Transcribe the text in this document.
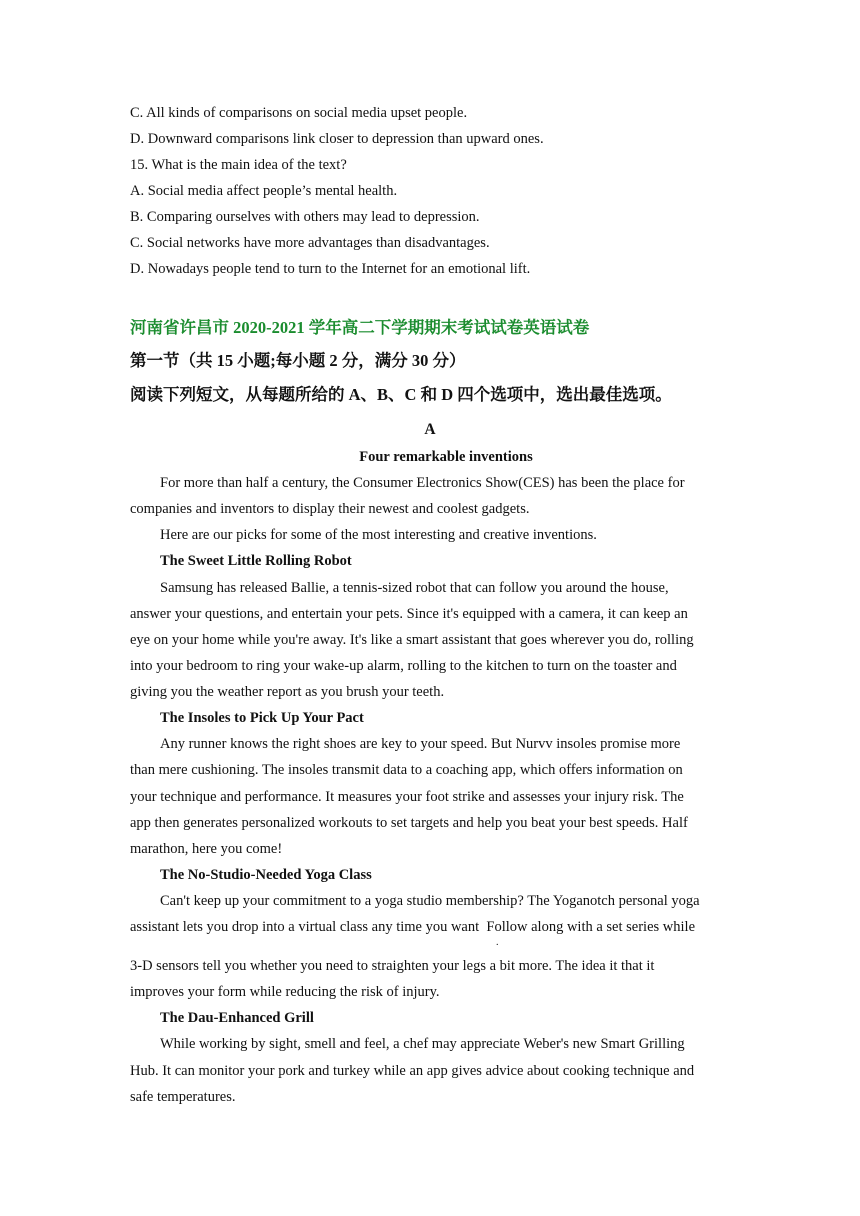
C. All kinds of comparisons on social media upset people.
D. Downward comparisons link closer to depression than upward ones.
15. What is the main idea of the text?
A. Social media affect people’s mental health.
B. Comparing ourselves with others may lead to depression.
C. Social networks have more advantages than disadvantages.
D. Nowadays people tend to turn to the Internet for an emotional lift.
河南省许昌市 2020-2021 学年高二下学期期末考试试卷英语试卷
第一节（共 15 小题;每小题 2 分，满分 30 分）
阅读下列短文，从每题所给的 A、B、C 和 D 四个选项中，选出最佳选项。
A
Four remarkable inventions
For more than half a century, the Consumer Electronics Show(CES) has been the place for
companies and inventors to display their newest and coolest gadgets.
Here are our picks for some of the most interesting and creative inventions.
The Sweet Little Rolling Robot
Samsung has released Ballie, a tennis-sized robot that can follow you around the house,
answer your questions, and entertain your pets. Since it's equipped with a camera, it can keep an
eye on your home while you're away. It's like a smart assistant that goes wherever you do, rolling
into your bedroom to ring your wake-up alarm, rolling to the kitchen to turn on the toaster and
giving you the weather report as you brush your teeth.
The Insoles to Pick Up Your Pact
Any runner knows the right shoes are key to your speed. But Nurvv insoles promise more
than mere cushioning. The insoles transmit data to a coaching app, which offers information on
your technique and performance. It measures your foot strike and assesses your injury risk. The
app then generates personalized workouts to set targets and help you beat your best speeds. Half
marathon, here you come!
The No-Studio-Needed Yoga Class
Can't keep up your commitment to a yoga studio membership? The Yoganotch personal yoga
assistant lets you drop into a virtual class any time you want  Follow along with a set series while
.
3-D sensors tell you whether you need to straighten your legs a bit more. The idea it that it
improves your form while reducing the risk of injury.
The Dau-Enhanced Grill
While working by sight, smell and feel, a chef may appreciate Weber's new Smart Grilling
Hub. It can monitor your pork and turkey while an app gives advice about cooking technique and
safe temperatures.
